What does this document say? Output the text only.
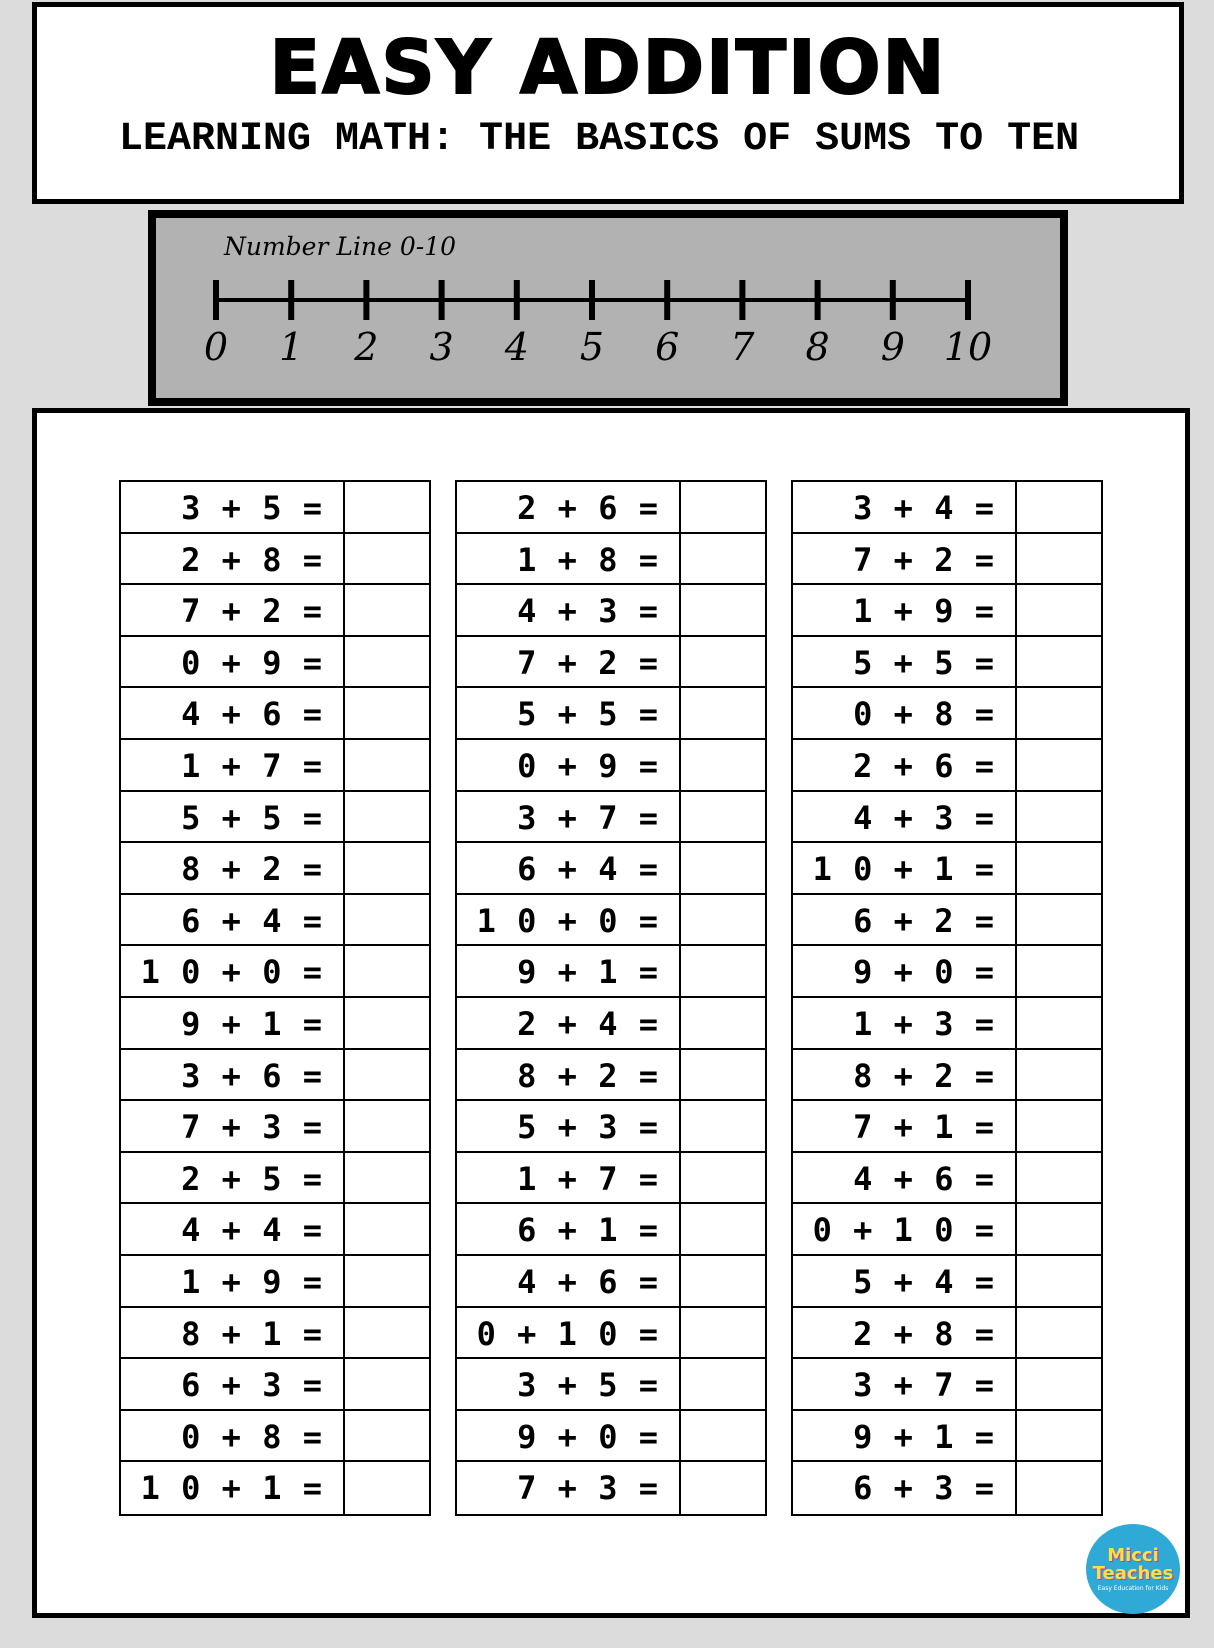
EASY ADDITION
LEARNING MATH: THE BASICS OF SUMS TO TEN
Number Line 0-10
0 1 2 3 4 5 6 7 8 9 10
3 + 5 =
2 + 8 =
7 + 2 =
0 + 9 =
4 + 6 =
1 + 7 =
5 + 5 =
8 + 2 =
6 + 4 =
1 0 + 0 =
9 + 1 =
3 + 6 =
7 + 3 =
2 + 5 =
4 + 4 =
1 + 9 =
8 + 1 =
6 + 3 =
0 + 8 =
1 0 + 1 =
2 + 6 =
1 + 8 =
4 + 3 =
7 + 2 =
5 + 5 =
0 + 9 =
3 + 7 =
6 + 4 =
1 0 + 0 =
9 + 1 =
2 + 4 =
8 + 2 =
5 + 3 =
1 + 7 =
6 + 1 =
4 + 6 =
0 + 1 0 =
3 + 5 =
9 + 0 =
7 + 3 =
3 + 4 =
7 + 2 =
1 + 9 =
5 + 5 =
0 + 8 =
2 + 6 =
4 + 3 =
1 0 + 1 =
6 + 2 =
9 + 0 =
1 + 3 =
8 + 2 =
7 + 1 =
4 + 6 =
0 + 1 0 =
5 + 4 =
2 + 8 =
3 + 7 =
9 + 1 =
6 + 3 =
Micci
Teaches
Easy Education for Kids
